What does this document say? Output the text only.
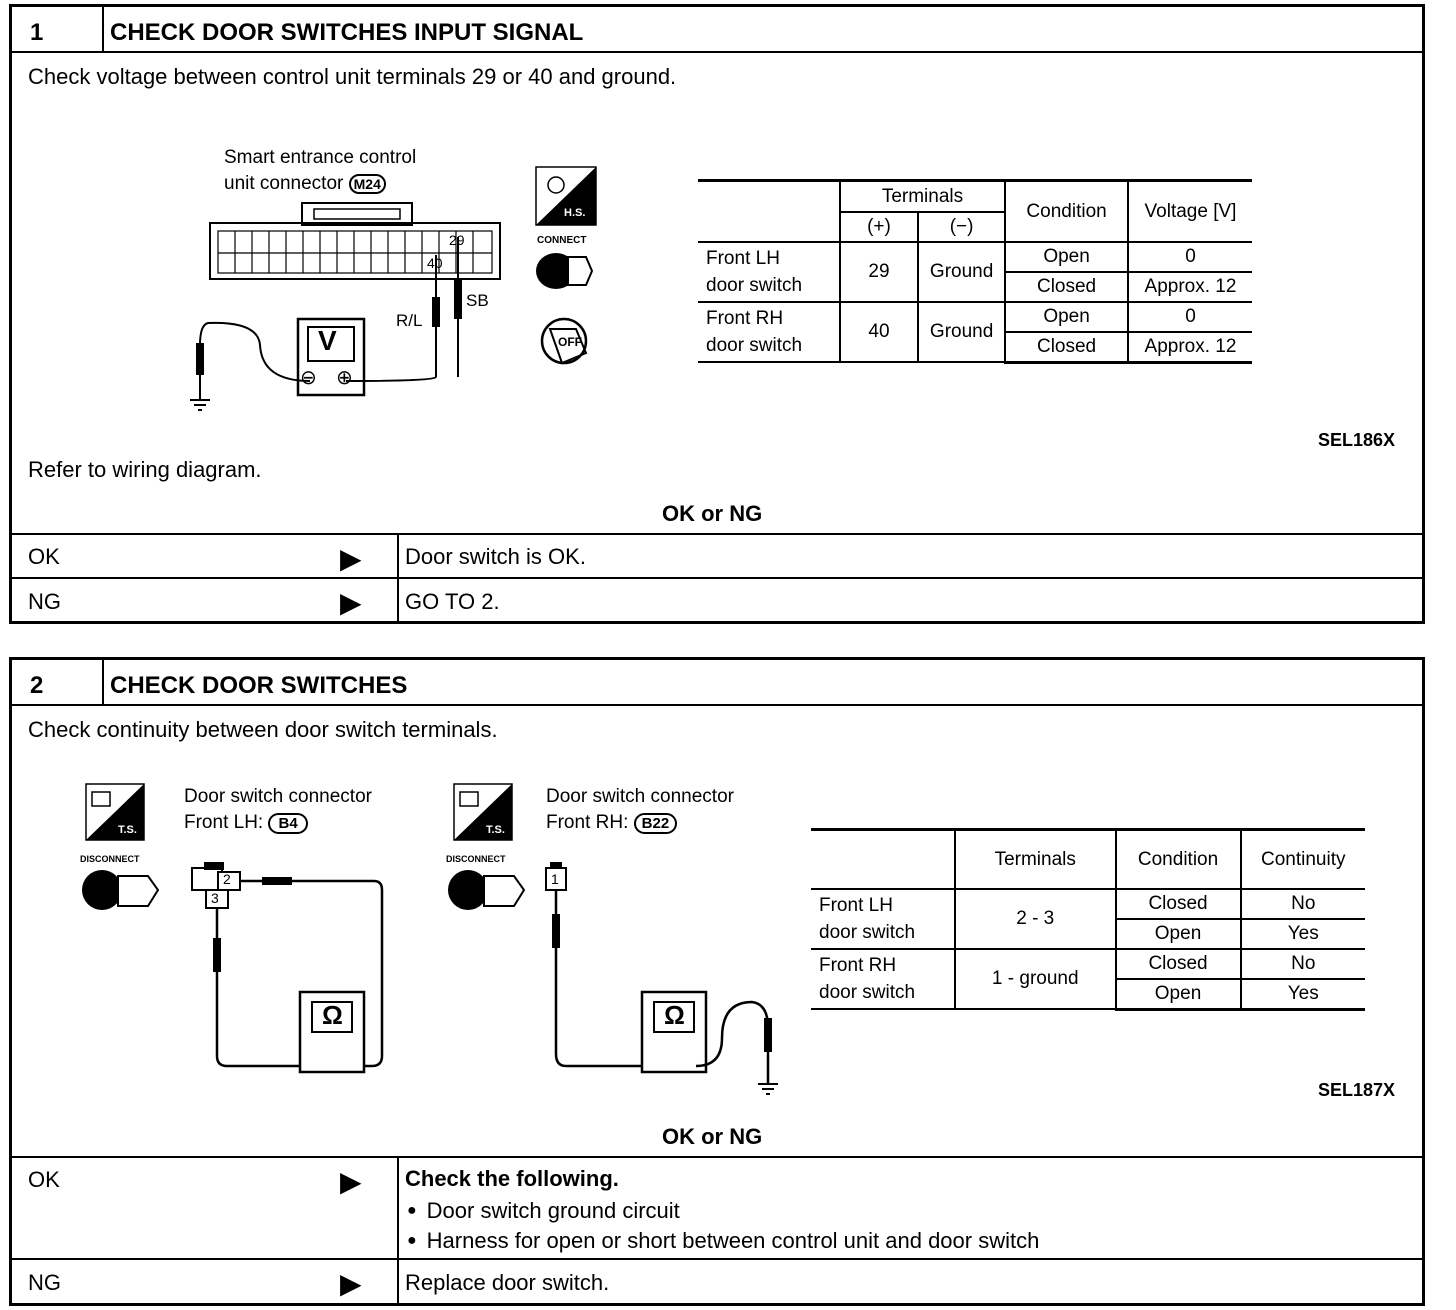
1	CHECK DOOR SWITCHES INPUT SIGNAL
Check voltage between control unit terminals 29 or 40 and ground.
Smart entrance control
unit connector M24
29
40
R/L
SB
V
⊖ ⊕
H.S.
CONNECT
OFF
	Terminals		Condition	Voltage [V]
	(+)	(−)		

Front LH
door switch	29	Ground	Open	0
			Closed	Approx. 12

Front RH
door switch	40	Ground	Open	0
			Closed	Approx. 12
SEL186X
Refer to wiring diagram.
OK or NG
OK	▶ Door switch is OK.
NG	▶ GO TO 2.
2	CHECK DOOR SWITCHES
Check continuity between door switch terminals.
Door switch connector
Front LH: B4
T.S.
DISCONNECT
2
3
Ω
Door switch connector
Front RH: B22
T.S.
DISCONNECT
1
Ω
	Terminals	Condition	Continuity

Front LH
door switch	2 - 3	Closed	No
		Open	Yes

Front RH
door switch	1 - ground	Closed	No
		Open	Yes
SEL187X
OK or NG
OK	▶ Check the following.
● Door switch ground circuit
● Harness for open or short between control unit and door switch
NG	▶ Replace door switch.
